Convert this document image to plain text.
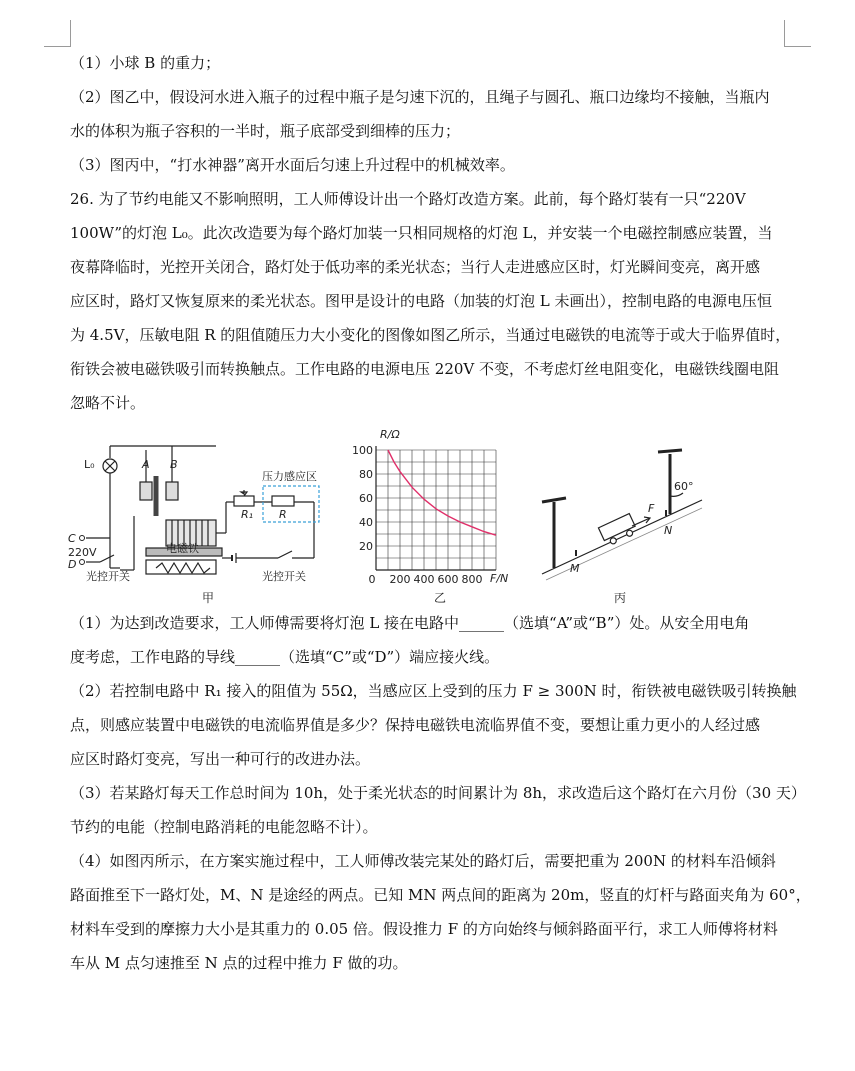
（1）小球 B 的重力；
（2）图乙中，假设河水进入瓶子的过程中瓶子是匀速下沉的，且绳子与圆孔、瓶口边缘均不接触，当瓶内
水的体积为瓶子容积的一半时，瓶子底部受到细棒的压力；
（3）图丙中，“打水神器”离开水面后匀速上升过程中的机械效率。
26. 为了节约电能又不影响照明，工人师傅设计出一个路灯改造方案。此前，每个路灯装有一只“220V
100W”的灯泡 L₀。此次改造要为每个路灯加装一只相同规格的灯泡 L，并安装一个电磁控制感应装置，当
夜幕降临时，光控开关闭合，路灯处于低功率的柔光状态；当行人走进感应区时，灯光瞬间变亮，离开感
应区时，路灯又恢复原来的柔光状态。图甲是设计的电路（加装的灯泡 L 未画出），控制电路的电源电压恒
为 4.5V，压敏电阻 R 的阻值随压力大小变化的图像如图乙所示，当通过电磁铁的电流等于或大于临界值时，
衔铁会被电磁铁吸引而转换触点。工作电路的电源电压 220V 不变，不考虑灯丝电阻变化，电磁铁线圈电阻
忽略不计。
L₀	A B
压力感应区
R₁ R
电磁铁
C
220V
D
光控开关	光控开关
甲
R/Ω
F/N
100
80
60
40
20
0 200 400 600 800
乙
M
N
F
60°
丙
（1）为达到改造要求，工人师傅需要将灯泡 L 接在电路中______（选填“A”或“B”）处。从安全用电角
度考虑，工作电路的导线______（选填“C”或“D”）端应接火线。
（2）若控制电路中 R₁ 接入的阻值为 55Ω，当感应区上受到的压力 F ≥ 300N 时，衔铁被电磁铁吸引转换触
点，则感应装置中电磁铁的电流临界值是多少？保持电磁铁电流临界值不变，要想让重力更小的人经过感
应区时路灯变亮，写出一种可行的改进办法。
（3）若某路灯每天工作总时间为 10h，处于柔光状态的时间累计为 8h，求改造后这个路灯在六月份（30 天）
节约的电能（控制电路消耗的电能忽略不计）。
（4）如图丙所示，在方案实施过程中，工人师傅改装完某处的路灯后，需要把重为 200N 的材料车沿倾斜
路面推至下一路灯处，M、N 是途经的两点。已知 MN 两点间的距离为 20m，竖直的灯杆与路面夹角为 60°，
材料车受到的摩擦力大小是其重力的 0.05 倍。假设推力 F 的方向始终与倾斜路面平行，求工人师傅将材料
车从 M 点匀速推至 N 点的过程中推力 F 做的功。
